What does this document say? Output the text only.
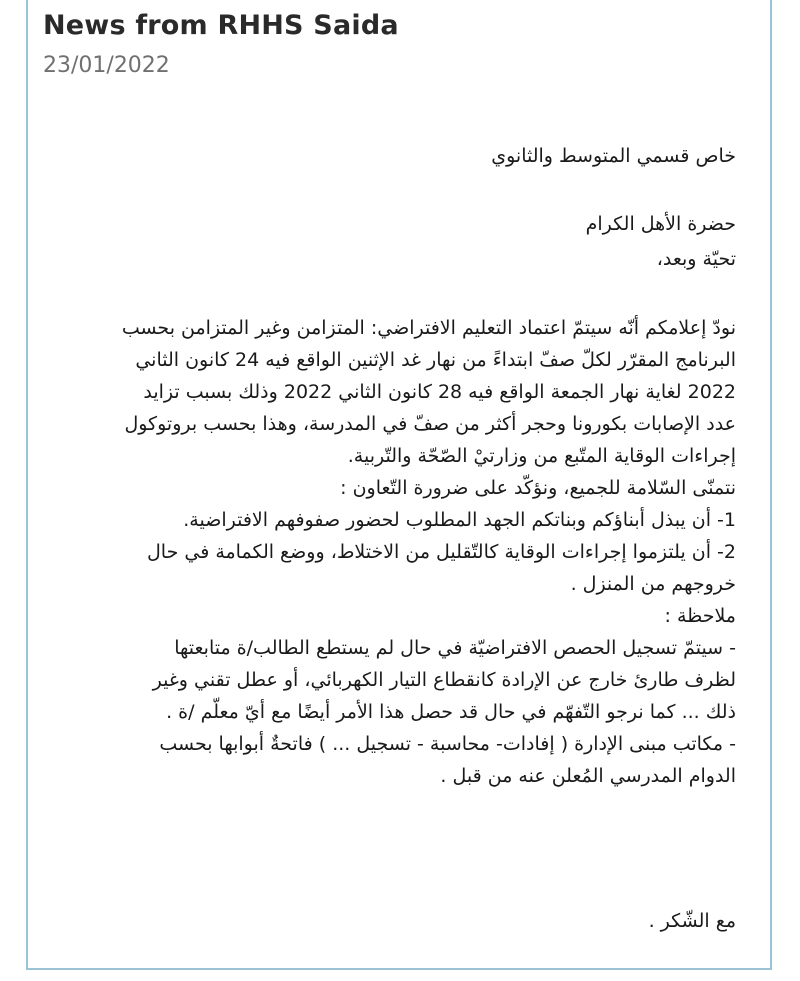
News from RHHS Saida
23/01/2022

خاص قسمي المتوسط والثانوي

حضرة الأهل الكرام

تحيّة وبعد،

نودّ إعلامكم أنّه سيتمّ اعتماد التعليم الافتراضي: المتزامن وغير المتزامن بحسب
البرنامج المقرّر لكلّ صفّ ابتداءً من نهار غد الإثنين الواقع فيه 24 كانون الثاني
2022 لغاية نهار الجمعة الواقع فيه 28 كانون الثاني 2022 وذلك بسبب تزايد
عدد الإصابات بكورونا وحجر أكثر من صفّ في المدرسة، وهذا بحسب بروتوكول
إجراءات الوقاية المتّبع من وزارتيْ الصّحّة والتّربية.
نتمنّى السّلامة للجميع، ونؤكّد على ضرورة التّعاون :
1- أن يبذل أبناؤكم وبناتكم الجهد المطلوب لحضور صفوفهم الافتراضية.
2- أن يلتزموا إجراءات الوقاية كالتّقليل من الاختلاط، ووضع الكمامة في حال
خروجهم من المنزل .
ملاحظة :
- سيتمّ تسجيل الحصص الافتراضيّة في حال لم يستطع الطالب/ة متابعتها
لظرف طارئ خارج عن الإرادة كانقطاع التيار الكهربائي، أو عطل تقني وغير
ذلك ... كما نرجو التّفهّم في حال قد حصل هذا الأمر أيضًا مع أيّ معلّم /ة .
- مكاتب مبنى الإدارة ( إفادات- محاسبة - تسجيل ... ) فاتحةٌ أبوابها بحسب
الدوام المدرسي المُعلن عنه من قبل .

مع الشّكر .
